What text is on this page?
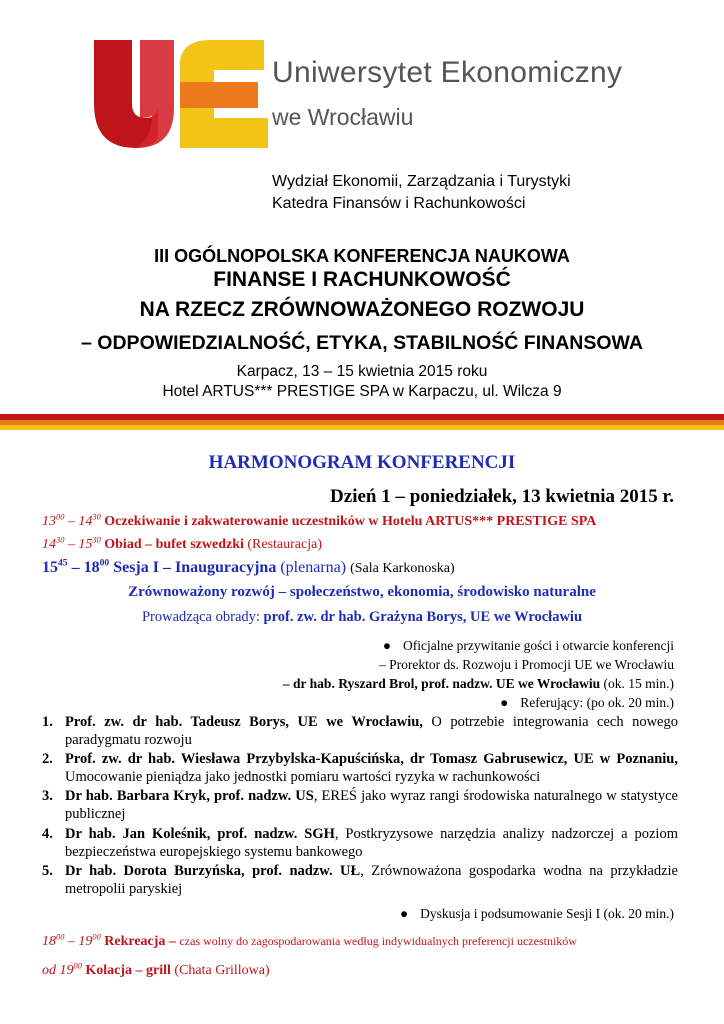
Uniwersytet Ekonomiczny
we Wrocławiu
Wydział Ekonomii, Zarządzania i Turystyki
Katedra Finansów i Rachunkowości
III OGÓLNOPOLSKA KONFERENCJA NAUKOWA
FINANSE I RACHUNKOWOŚĆ
NA RZECZ ZRÓWNOWAŻONEGO ROZWOJU
– ODPOWIEDZIALNOŚĆ, ETYKA, STABILNOŚĆ FINANSOWA
Karpacz, 13 – 15 kwietnia 2015 roku
Hotel ARTUS*** PRESTIGE SPA w Karpaczu, ul. Wilcza 9
HARMONOGRAM KONFERENCJI
Dzień 1 – poniedziałek, 13 kwietnia 2015 r.
$13^{00} - 14^{30}$ Oczekiwanie i zakwaterowanie uczestników w Hotelu ARTUS*** PRESTIGE SPA
$14^{30} - 15^{30}$ Obiad – bufet szwedzki (Restauracja)
$15^{45} - 18^{00}$ Sesja I – Inauguracyjna (plenarna) (Sala Karkonoska)
Zrównoważony rozwój – społeczeństwo, ekonomia, środowisko naturalne
Prowadząca obrady: prof. zw. dr hab. Grażyna Borys, UE we Wrocławiu
● Oficjalne przywitanie gości i otwarcie konferencji
– Prorektor ds. Rozwoju i Promocji UE we Wrocławiu
– dr hab. Ryszard Brol, prof. nadzw. UE we Wrocławiu (ok. 15 min.)
● Referujący: (po ok. 20 min.)
1. Prof. zw. dr hab. Tadeusz Borys, UE we Wrocławiu, O potrzebie integrowania cech nowego paradygmatu rozwoju
2. Prof. zw. dr hab. Wiesława Przybylska-Kapuścińska, dr Tomasz Gabrusewicz, UE w Poznaniu, Umocowanie pieniądza jako jednostki pomiaru wartości ryzyka w rachunkowości
3. Dr hab. Barbara Kryk, prof. nadzw. US, EREŚ jako wyraz rangi środowiska naturalnego w statystyce publicznej
4. Dr hab. Jan Koleśnik, prof. nadzw. SGH, Postkryzysowe narzędzia analizy nadzorczej a poziom bezpieczeństwa europejskiego systemu bankowego
5. Dr hab. Dorota Burzyńska, prof. nadzw. UŁ, Zrównoważona gospodarka wodna na przykładzie metropolii paryskiej
● Dyskusja i podsumowanie Sesji I (ok. 20 min.)
$18^{00} - 19^{00}$ Rekreacja – czas wolny do zagospodarowania według indywidualnych preferencji uczestników
od $19^{00}$ Kolacja – grill (Chata Grillowa)
